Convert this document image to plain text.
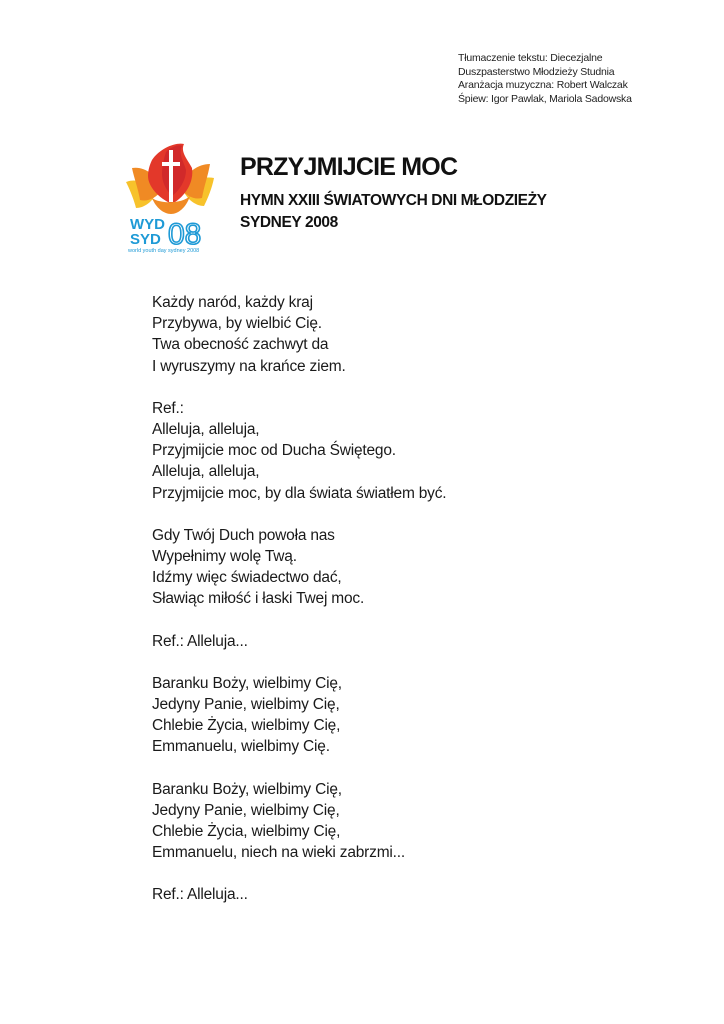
Tłumaczenie tekstu: Diecezjalne
Duszpasterstwo Młodzieży Studnia
Aranżacja muzyczna: Robert Walczak
Śpiew: Igor Pawlak, Mariola Sadowska
WYD
SYD 08
world youth day sydney 2008
PRZYJMIJCIE MOC
HYMN XXIII ŚWIATOWYCH DNI MŁODZIEŻY
SYDNEY 2008
Każdy naród, każdy kraj
Przybywa, by wielbić Cię.
Twa obecność zachwyt da
I wyruszymy na krańce ziem.
Ref.:
Alleluja, alleluja,
Przyjmijcie moc od Ducha Świętego.
Alleluja, alleluja,
Przyjmijcie moc, by dla świata światłem być.
Gdy Twój Duch powoła nas
Wypełnimy wolę Twą.
Idźmy więc świadectwo dać,
Sławiąc miłość i łaski Twej moc.
Ref.: Alleluja...
Baranku Boży, wielbimy Cię,
Jedyny Panie, wielbimy Cię,
Chlebie Życia, wielbimy Cię,
Emmanuelu, wielbimy Cię.
Baranku Boży, wielbimy Cię,
Jedyny Panie, wielbimy Cię,
Chlebie Życia, wielbimy Cię,
Emmanuelu, niech na wieki zabrzmi...
Ref.: Alleluja...
